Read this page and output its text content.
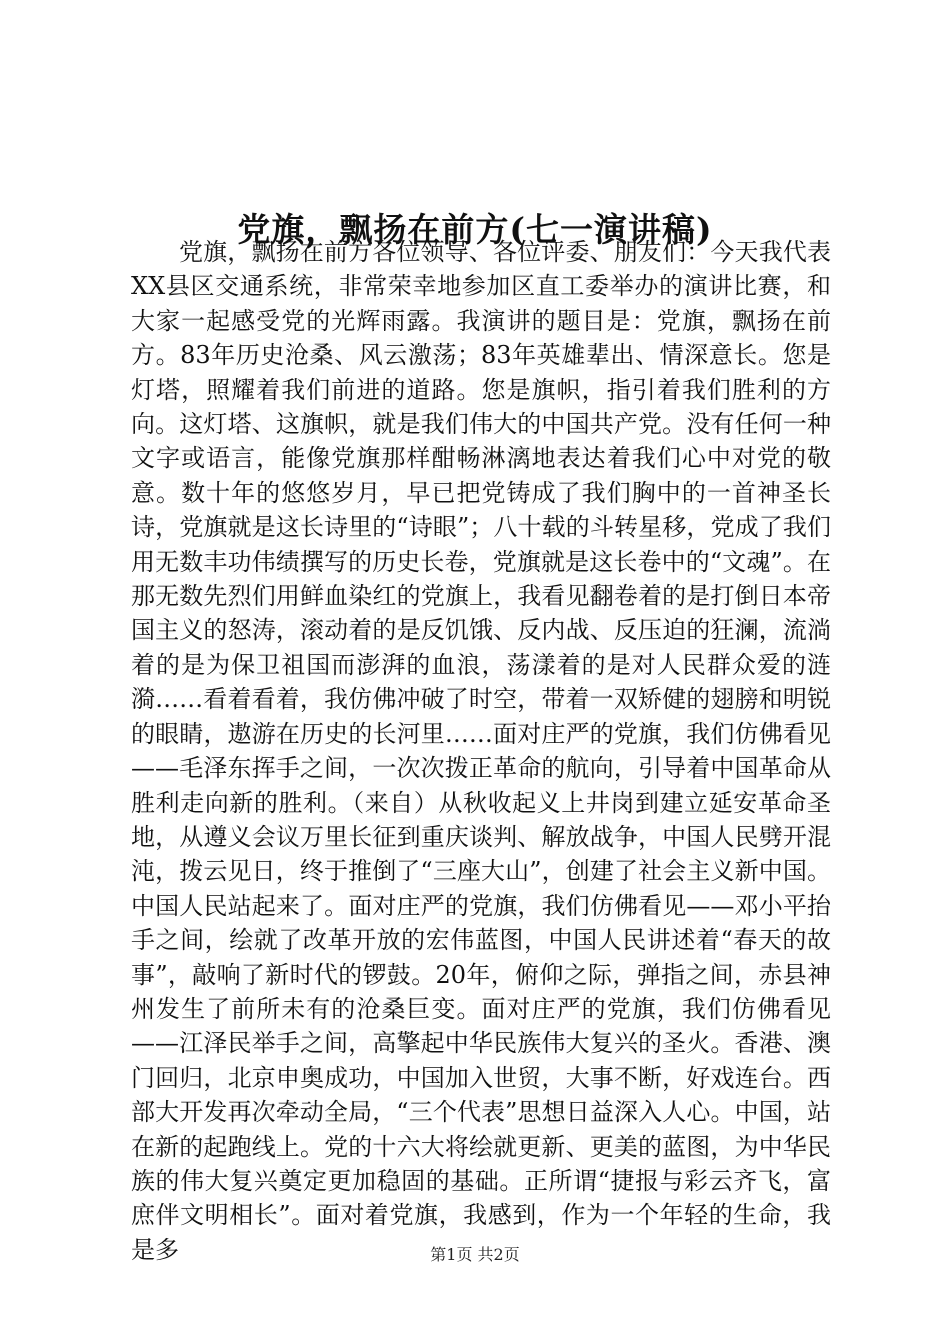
党旗，飘扬在前方(七一演讲稿)

党旗，飘扬在前方各位领导、各位评委、朋友们：今天我代表XX县区交通系统，非常荣幸地参加区直工委举办的演讲比赛，和大家一起感受党的光辉雨露。我演讲的题目是：党旗，飘扬在前方。83年历史沧桑、风云激荡；83年英雄辈出、情深意长。您是灯塔，照耀着我们前进的道路。您是旗帜，指引着我们胜利的方向。这灯塔、这旗帜，就是我们伟大的中国共产党。没有任何一种文字或语言，能像党旗那样酣畅淋漓地表达着我们心中对党的敬意。数十年的悠悠岁月，早已把党铸成了我们胸中的一首神圣长诗，党旗就是这长诗里的“诗眼”；八十载的斗转星移，党成了我们用无数丰功伟绩撰写的历史长卷，党旗就是这长卷中的“文魂”。在那无数先烈们用鲜血染红的党旗上，我看见翻卷着的是打倒日本帝国主义的怒涛，滚动着的是反饥饿、反内战、反压迫的狂澜，流淌着的是为保卫祖国而澎湃的血浪，荡漾着的是对人民群众爱的涟漪……看着看着，我仿佛冲破了时空，带着一双矫健的翅膀和明锐的眼睛，遨游在历史的长河里……面对庄严的党旗，我们仿佛看见——毛泽东挥手之间，一次次拨正革命的航向，引导着中国革命从胜利走向新的胜利。（来自）从秋收起义上井岗到建立延安革命圣地，从遵义会议万里长征到重庆谈判、解放战争，中国人民劈开混沌，拨云见日，终于推倒了“三座大山”，创建了社会主义新中国。中国人民站起来了。面对庄严的党旗，我们仿佛看见——邓小平抬手之间，绘就了改革开放的宏伟蓝图，中国人民讲述着“春天的故事”，敲响了新时代的锣鼓。20年，俯仰之际，弹指之间，赤县神州发生了前所未有的沧桑巨变。面对庄严的党旗，我们仿佛看见——江泽民举手之间，高擎起中华民族伟大复兴的圣火。香港、澳门回归，北京申奥成功，中国加入世贸，大事不断，好戏连台。西部大开发再次牵动全局，“三个代表”思想日益深入人心。中国，站在新的起跑线上。党的十六大将绘就更新、更美的蓝图，为中华民族的伟大复兴奠定更加稳固的基础。正所谓“捷报与彩云齐飞，富庶伴文明相长”。面对着党旗，我感到，作为一个年轻的生命，我是多	第1页 共2页
